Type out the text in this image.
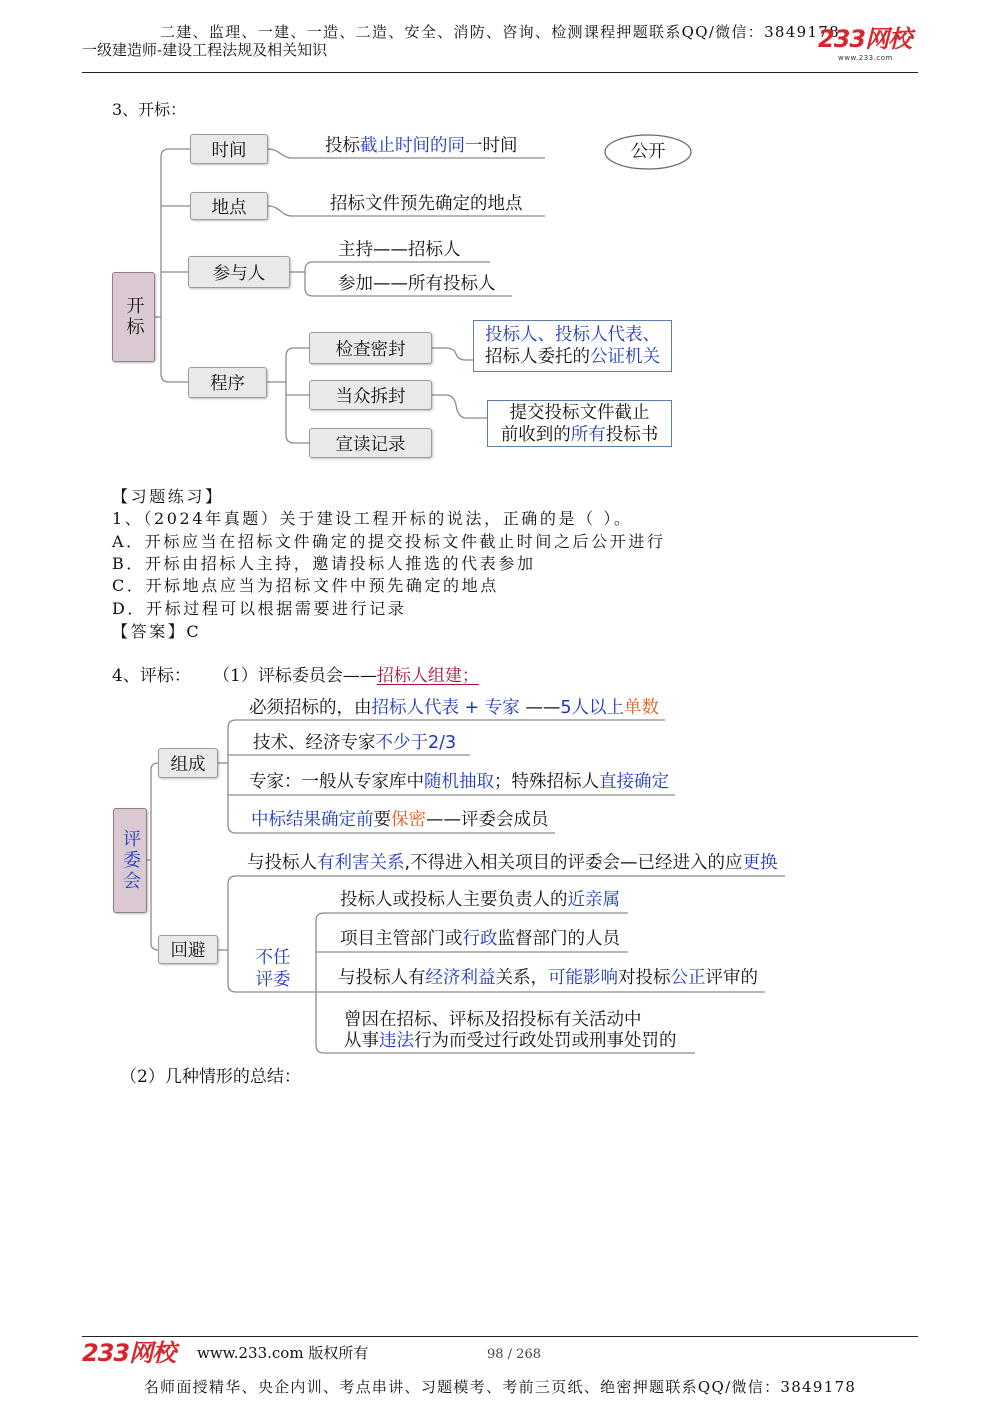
二建、监理、一建、一造、二造、安全、消防、咨询、检测课程押题联系QQ/微信：3849178
一级建造师-建设工程法规及相关知识	233网校
www.233.com
3、开标：
开标
时间	投标截止时间的同一时间	公开
地点	招标文件预先确定的地点
参与人
主持——招标人
参加——所有投标人
程序
检查密封
当众拆封
宣读记录
投标人、投标人代表、
招标人委托的公证机关
提交投标文件截止
前收到的所有投标书
【习题练习】
1、（2024年真题）关于建设工程开标的说法，正确的是（ ）。
A．开标应当在招标文件确定的提交投标文件截止时间之后公开进行
B．开标由招标人主持，邀请投标人推选的代表参加
C．开标地点应当为招标文件中预先确定的地点
D．开标过程可以根据需要进行记录
【答案】C
4、评标： （1）评标委员会——招标人组建；
评委会
组成
必须招标的，由招标人代表 + 专家 ——5人以上单数
技术、经济专家不少于2/3
专家：一般从专家库中随机抽取；特殊招标人直接确定
中标结果确定前要保密——评委会成员
回避
与投标人有利害关系,不得进入相关项目的评委会—已经进入的应更换
不任评委
投标人或投标人主要负责人的近亲属
项目主管部门或行政监督部门的人员
与投标人有经济利益关系，可能影响对投标公正评审的
曾因在招标、评标及招投标有关活动中
从事违法行为而受过行政处罚或刑事处罚的
（2）几种情形的总结：
233网校 www.233.com 版权所有	98 / 268
名师面授精华、央企内训、考点串讲、习题模考、考前三页纸、绝密押题联系QQ/微信：3849178
